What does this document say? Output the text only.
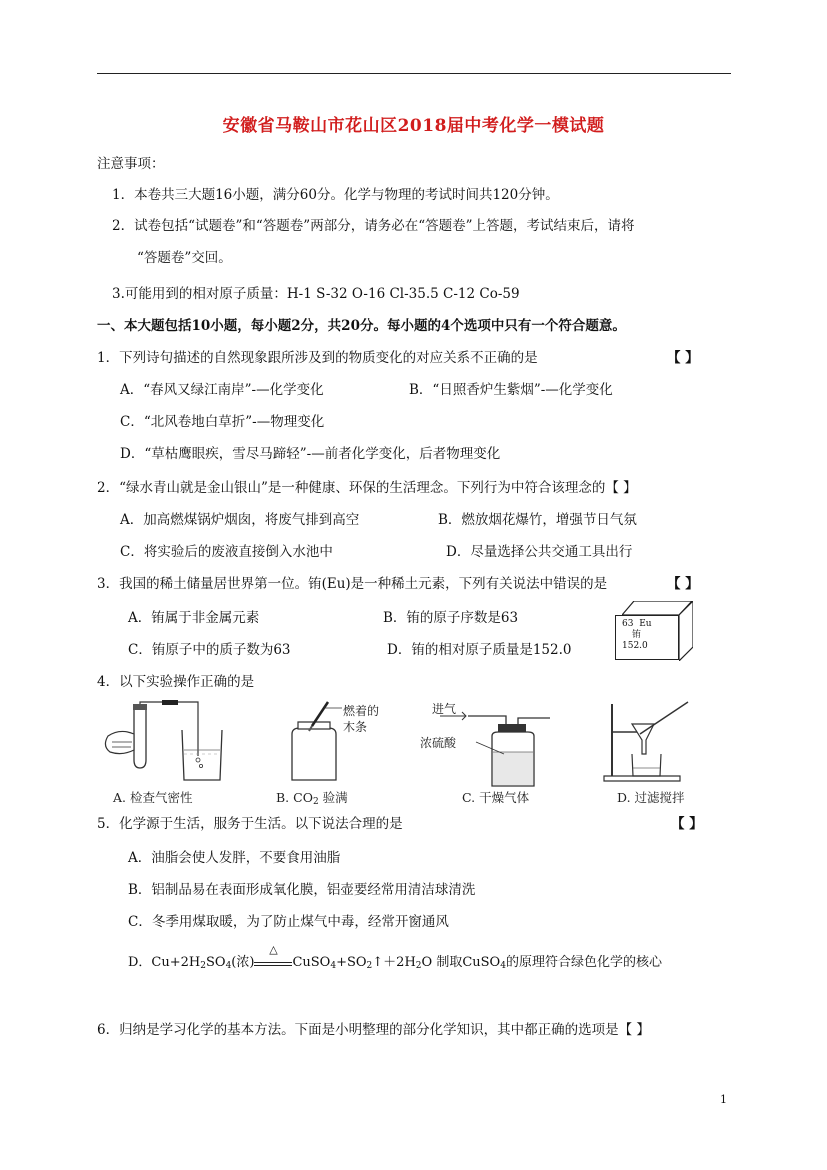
安徽省马鞍山市花山区2018届中考化学一模试题
注意事项：
1．本卷共三大题16小题，满分60分。化学与物理的考试时间共120分钟。
2．试卷包括“试题卷”和“答题卷”两部分，请务必在“答题卷”上答题，考试结束后，请将
“答题卷”交回。
3.可能用到的相对原子质量：H-1 S-32 O-16 Cl-35.5 C-12 Co-59
一、本大题包括10小题，每小题2分，共20分。每小题的4个选项中只有一个符合题意。
1．下列诗句描述的自然现象跟所涉及到的物质变化的对应关系不正确的是	【 】
A．“春风又绿江南岸”-—化学变化	B．“日照香炉生紫烟”-—化学变化
C．“北风卷地白草折”-—物理变化
D．“草枯鹰眼疾，雪尽马蹄轻”-—前者化学变化，后者物理变化
2．“绿水青山就是金山银山”是一种健康、环保的生活理念。下列行为中符合该理念的【 】
A．加高燃煤锅炉烟囱，将废气排到高空	B．燃放烟花爆竹，增强节日气氛
C．将实验后的废液直接倒入水池中	D．尽量选择公共交通工具出行
3．我国的稀土储量居世界第一位。铕(Eu)是一种稀土元素，下列有关说法中错误的是	【 】
A．铕属于非金属元素	B．铕的原子序数是63
C．铕原子中的质子数为63	D．铕的相对原子质量是152.0
63 Eu
铕
152.0
4．以下实验操作正确的是
A. 检查气密性
燃着的
木条
B. $CO_2$ 验满
进气
浓硫酸
C. 干燥气体	D. 过滤搅拌
5．化学源于生活，服务于生活。以下说法合理的是	【 】
A．油脂会使人发胖，不要食用油脂
B．铝制品易在表面形成氧化膜，铝壶要经常用清洁球清洗
C．冬季用煤取暖，为了防止煤气中毒，经常开窗通风
D．$Cu+2H_2SO_4$(浓)
△
$CuSO_4+SO_2↑+2H_2O$ 制取CuSO$_4$的原理符合绿色化学的核心
6．归纳是学习化学的基本方法。下面是小明整理的部分化学知识，其中都正确的选项是【 】
1
